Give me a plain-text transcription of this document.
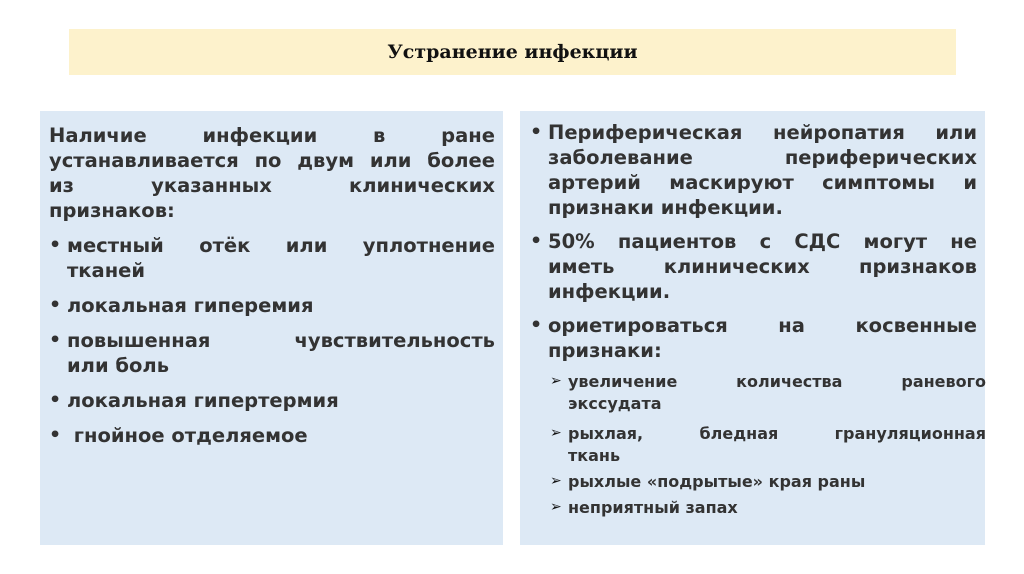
Устранение инфекции
Наличие инфекции в ране
устанавливается по двум или более
из указанных клинических
признаков:
• местный отёк или уплотнение
тканей
• локальная гиперемия
• повышенная чувствительность
или боль
• локальная гипертермия
• гнойное отделяемое
• Периферическая нейропатия или
заболевание периферических
артерий маскируют симптомы и
признаки инфекции.
• 50% пациентов с СДС могут не
иметь клинических признаков
инфекции.
• ориетироваться на косвенные
признаки:
➢ увеличение количества раневого
экссудата
➢ рыхлая, бледная грануляционная
ткань
➢ рыхлые «подрытые» края раны
➢ неприятный запах
